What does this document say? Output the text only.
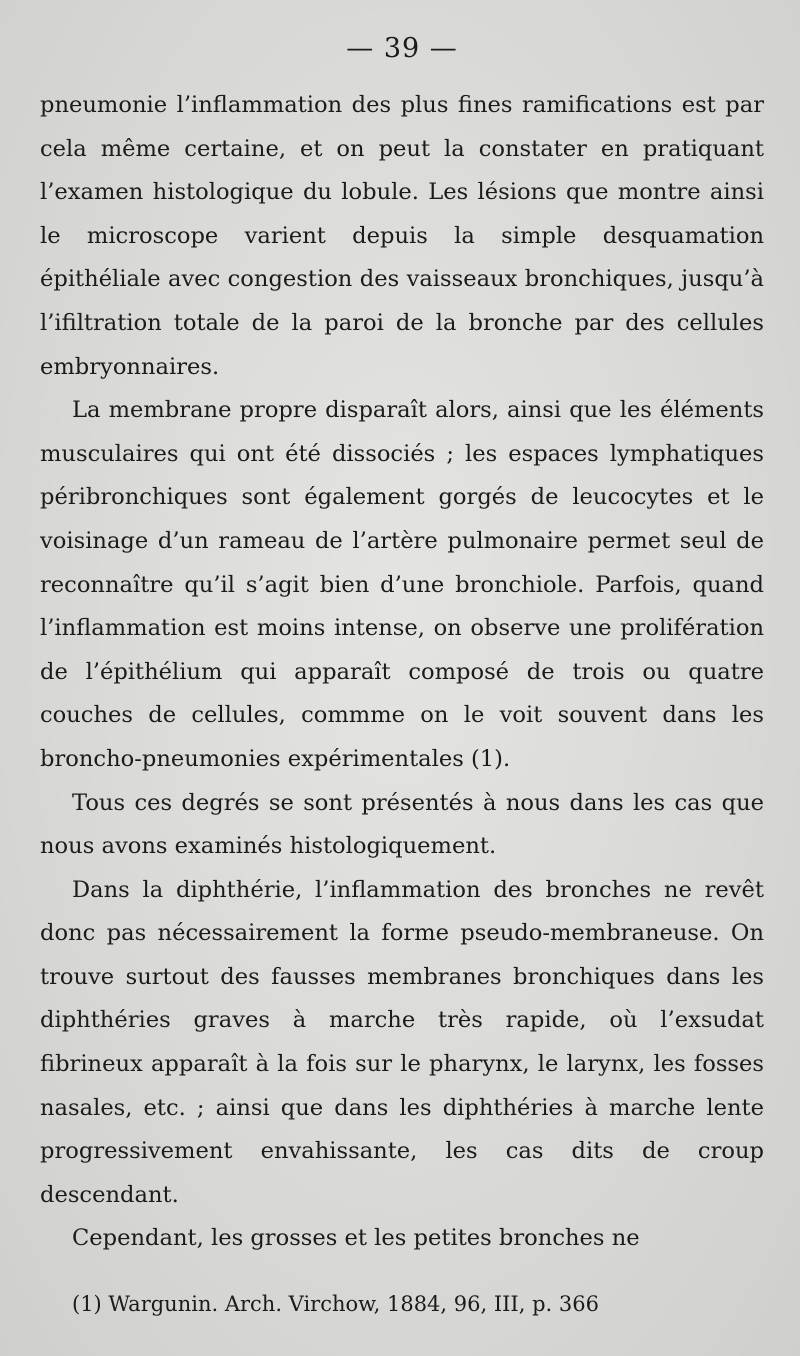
— 39 —

pneumonie l’inflammation des plus fines ramifications est par cela même certaine, et on peut la constater en pratiquant l’examen histologique du lobule. Les lésions que montre ainsi le microscope varient depuis la simple desquamation épithéliale avec congestion des vaisseaux bronchiques, jusqu’à l’ifiltration totale de la paroi de la bronche par des cellules embryonnaires.

La membrane propre disparaît alors, ainsi que les éléments musculaires qui ont été dissociés ; les espaces lymphatiques péribronchiques sont également gorgés de leucocytes et le voisinage d’un rameau de l’artère pulmonaire permet seul de reconnaître qu’il s’agit bien d’une bronchiole. Parfois, quand l’inflammation est moins intense, on observe une prolifération de l’épithélium qui apparaît composé de trois ou quatre couches de cellules, commme on le voit souvent dans les broncho-pneumonies expérimentales (1).

Tous ces degrés se sont présentés à nous dans les cas que nous avons examinés histologiquement.

Dans la diphthérie, l’inflammation des bronches ne revêt donc pas nécessairement la forme pseudo-membraneuse. On trouve surtout des fausses membranes bronchiques dans les diphthéries graves à marche très rapide, où l’exsudat fibrineux apparaît à la fois sur le pharynx, le larynx, les fosses nasales, etc. ; ainsi que dans les diphthéries à marche lente progressivement envahissante, les cas dits de croup descendant.

Cependant, les grosses et les petites bronches ne

(1) Wargunin. Arch. Virchow, 1884, 96, III, p. 366
